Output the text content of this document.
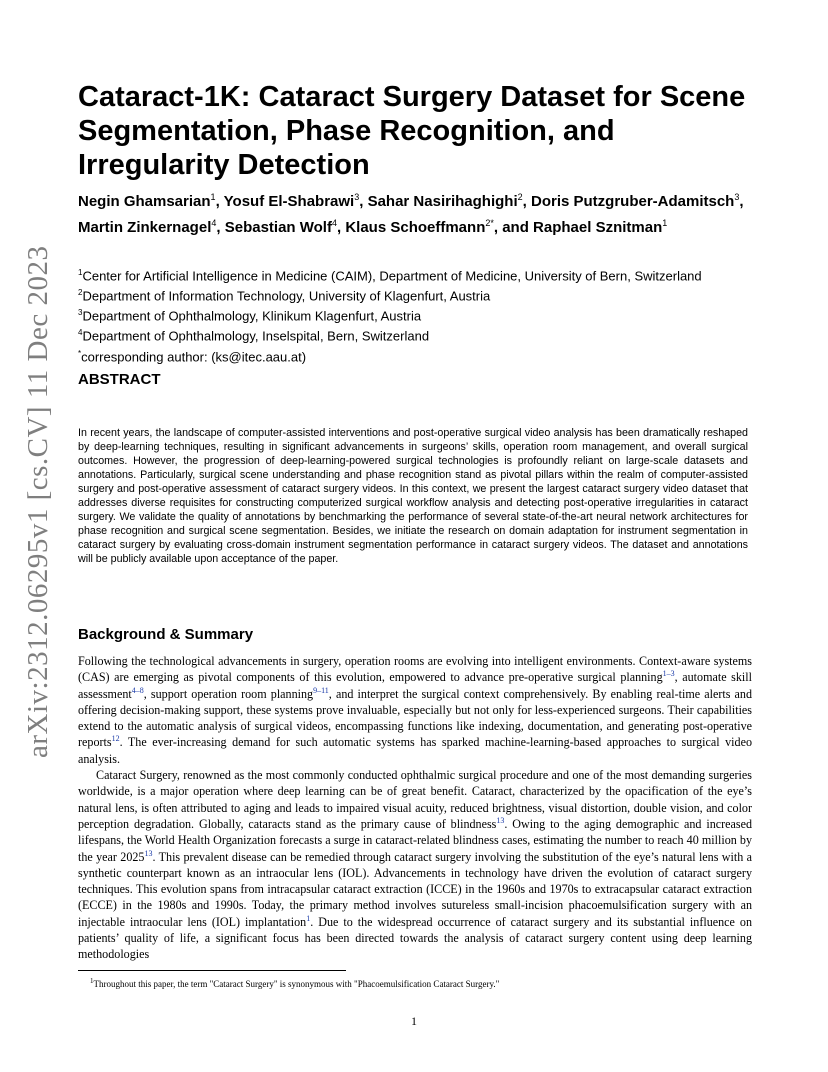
arXiv:2312.06295v1 [cs.CV] 11 Dec 2023
Cataract-1K: Cataract Surgery Dataset for Scene Segmentation, Phase Recognition, and Irregularity Detection
Negin Ghamsarian$^1$, Yosuf El-Shabrawi$^3$, Sahar Nasirihaghighi$^2$, Doris Putzgruber-Adamitsch$^3$, Martin Zinkernagel$^4$, Sebastian Wolf$^4$, Klaus Schoeffmann$^{2*}$, and Raphael Sznitman$^1$
$^1$Center for Artificial Intelligence in Medicine (CAIM), Department of Medicine, University of Bern, Switzerland
$^2$Department of Information Technology, University of Klagenfurt, Austria
$^3$Department of Ophthalmology, Klinikum Klagenfurt, Austria
$^4$Department of Ophthalmology, Inselspital, Bern, Switzerland
*corresponding author: (ks@itec.aau.at)
ABSTRACT

In recent years, the landscape of computer-assisted interventions and post-operative surgical video analysis has been dramatically reshaped by deep-learning techniques, resulting in significant advancements in surgeons’ skills, operation room management, and overall surgical outcomes. However, the progression of deep-learning-powered surgical technologies is profoundly reliant on large-scale datasets and annotations. Particularly, surgical scene understanding and phase recognition stand as pivotal pillars within the realm of computer-assisted surgery and post-operative assessment of cataract surgery videos. In this context, we present the largest cataract surgery video dataset that addresses diverse requisites for constructing computerized surgical workflow analysis and detecting post-operative irregularities in cataract surgery. We validate the quality of annotations by benchmarking the performance of several state-of-the-art neural network architectures for phase recognition and surgical scene segmentation. Besides, we initiate the research on domain adaptation for instrument segmentation in cataract surgery by evaluating cross-domain instrument segmentation performance in cataract surgery videos. The dataset and annotations will be publicly available upon acceptance of the paper.

Background & Summary

Following the technological advancements in surgery, operation rooms are evolving into intelligent environments. Context-aware systems (CAS) are emerging as pivotal components of this evolution, empowered to advance pre-operative surgical planning$^{1-3}$, automate skill assessment$^{4-8}$, support operation room planning$^{9-11}$, and interpret the surgical context comprehensively. By enabling real-time alerts and offering decision-making support, these systems prove invaluable, especially but not only for less-experienced surgeons. Their capabilities extend to the automatic analysis of surgical videos, encompassing functions like indexing, documentation, and generating post-operative reports$^{12}$. The ever-increasing demand for such automatic systems has sparked machine-learning-based approaches to surgical video analysis.

Cataract Surgery, renowned as the most commonly conducted ophthalmic surgical procedure and one of the most demanding surgeries worldwide, is a major operation where deep learning can be of great benefit. Cataract, characterized by the opacification of the eye’s natural lens, is often attributed to aging and leads to impaired visual acuity, reduced brightness, visual distortion, double vision, and color perception degradation. Globally, cataracts stand as the primary cause of blindness$^{13}$. Owing to the aging demographic and increased lifespans, the World Health Organization forecasts a surge in cataract-related blindness cases, estimating the number to reach 40 million by the year 2025$^{13}$. This prevalent disease can be remedied through cataract surgery involving the substitution of the eye’s natural lens with a synthetic counterpart known as an intraocular lens (IOL). Advancements in technology have driven the evolution of cataract surgery techniques. This evolution spans from intracapsular cataract extraction (ICCE) in the 1960s and 1970s to extracapsular cataract extraction (ECCE) in the 1980s and 1990s. Today, the primary method involves sutureless small-incision phacoemulsification surgery with an injectable intraocular lens (IOL) implantation$^1$. Due to the widespread occurrence of cataract surgery and its substantial influence on patients’ quality of life, a significant focus has been directed towards the analysis of cataract surgery content using deep learning methodologies

$^1$Throughout this paper, the term "Cataract Surgery" is synonymous with "Phacoemulsification Cataract Surgery."
1
